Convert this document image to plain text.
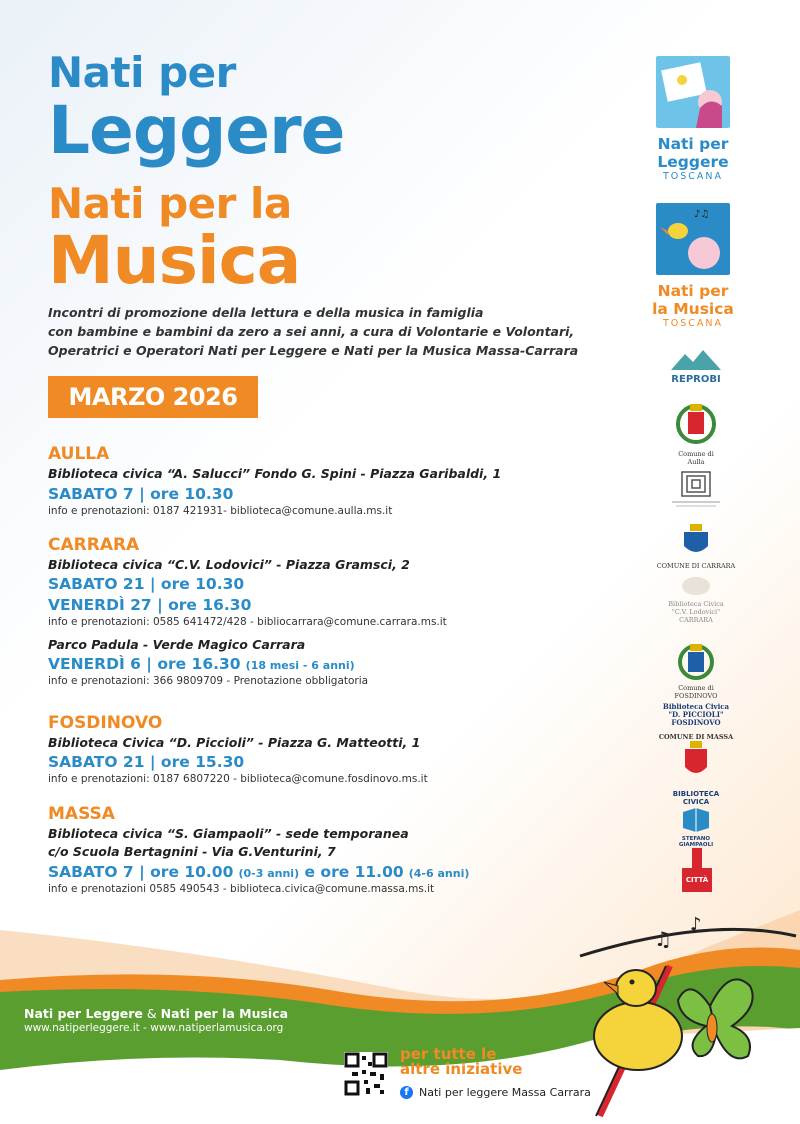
Nati per
Leggere
Nati per la
Musica
Incontri di promozione della lettura e della musica in famiglia
con bambine e bambini da zero a sei anni, a cura di Volontarie e Volontari,
Operatrici e Operatori Nati per Leggere e Nati per la Musica Massa-Carrara
MARZO 2026
AULLA
Biblioteca civica “A. Salucci” Fondo G. Spini - Piazza Garibaldi, 1
SABATO 7 | ore 10.30
info e prenotazioni: 0187 421931- biblioteca@comune.aulla.ms.it
CARRARA
Biblioteca civica “C.V. Lodovici” - Piazza Gramsci, 2
SABATO 21 | ore 10.30
VENERDÌ 27 | ore 16.30
info e prenotazioni: 0585 641472/428 - bibliocarrara@comune.carrara.ms.it
Parco Padula - Verde Magico Carrara
VENERDÌ 6 | ore 16.30 (18 mesi - 6 anni)
info e prenotazioni: 366 9809709 - Prenotazione obbligatoria
FOSDINOVO
Biblioteca Civica “D. Piccioli” - Piazza G. Matteotti, 1
SABATO 21 | ore 15.30
info e prenotazioni: 0187 6807220 - biblioteca@comune.fosdinovo.ms.it
MASSA
Biblioteca civica “S. Giampaoli” - sede temporanea
c/o Scuola Bertagnini - Via G.Venturini, 7
SABATO 7 | ore 10.00 (0-3 anni) e ore 11.00 (4-6 anni)
info e prenotazioni 0585 490543 - biblioteca.civica@comune.massa.ms.it
Nati per
Leggere
TOSCANA
♪♫
Nati per
la Musica
TOSCANA
REPROBI
Comune di
Aulla
COMUNE DI CARRARA
Biblioteca Civica
"C.V. Lodovici"
CARRARA
Comune di
FOSDINOVO
Biblioteca Civica
"D. PICCIOLI"
FOSDINOVO
COMUNE DI MASSA
BIBLIOTECA CIVICA
STEFANO GIAMPAOLI
CITTÀ
♫
♪
Nati per Leggere & Nati per la Musica
www.natiperleggere.it - www.natiperlamusica.org
per tutte le
altre iniziative
f Nati per leggere Massa Carrara
